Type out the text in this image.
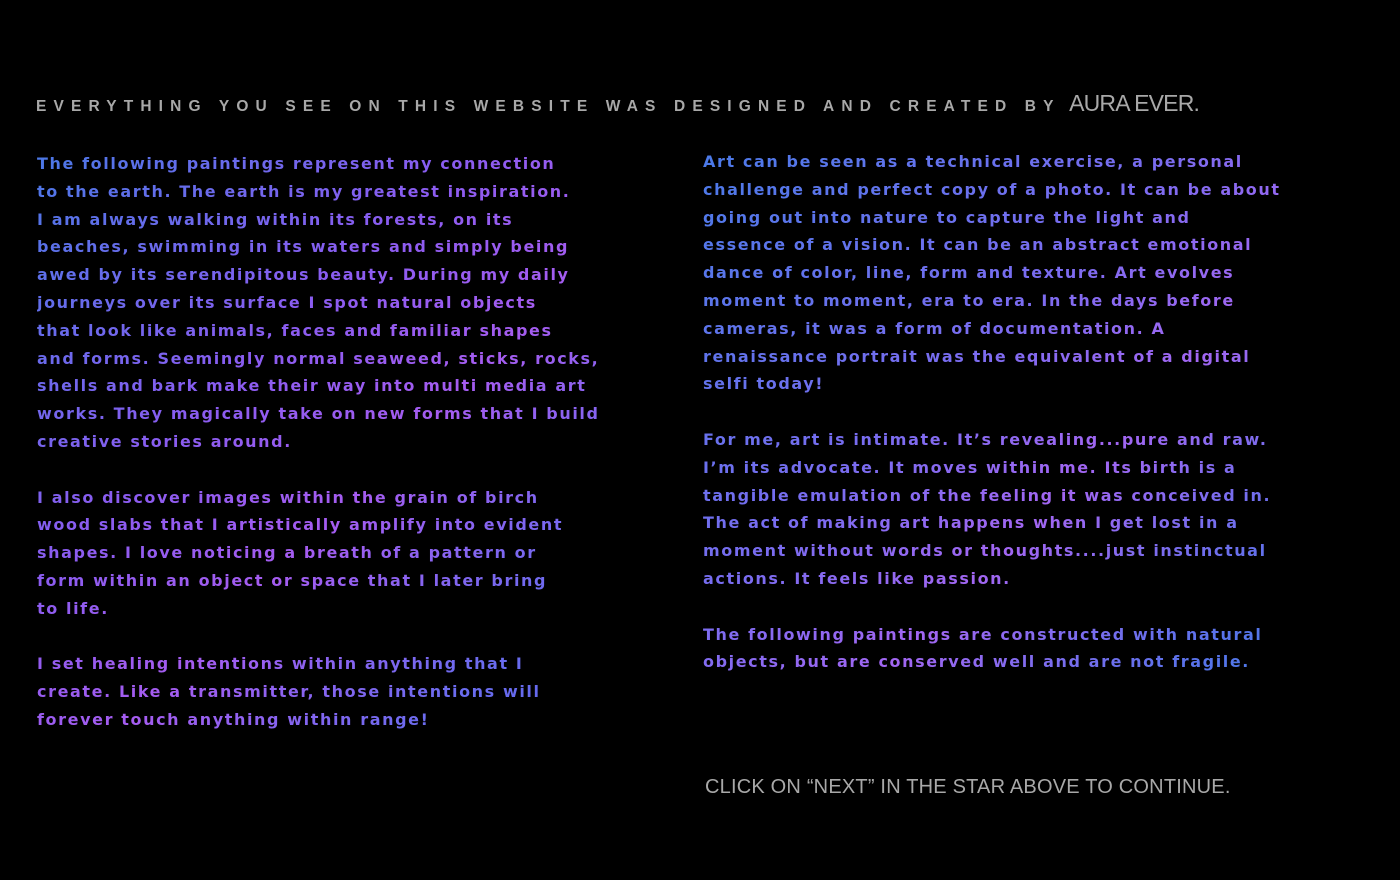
EVERYTHING YOU SEE ON THIS WEBSITE WAS DESIGNED AND CREATED BY AURA EVER.

The following paintings represent my connection
to the earth. The earth is my greatest inspiration.
I am always walking within its forests, on its
beaches, swimming in its waters and simply being
awed by its serendipitous beauty. During my daily
journeys over its surface I spot natural objects
that look like animals, faces and familiar shapes
and forms. Seemingly normal seaweed, sticks, rocks,
shells and bark make their way into multi media art
works. They magically take on new forms that I build
creative stories around.

I also discover images within the grain of birch
wood slabs that I artistically amplify into evident
shapes. I love noticing a breath of a pattern or
form within an object or space that I later bring
to life.

I set healing intentions within anything that I
create. Like a transmitter, those intentions will
forever touch anything within range!

Art can be seen as a technical exercise, a personal
challenge and perfect copy of a photo. It can be about
going out into nature to capture the light and
essence of a vision. It can be an abstract emotional
dance of color, line, form and texture. Art evolves
moment to moment, era to era. In the days before
cameras, it was a form of documentation. A
renaissance portrait was the equivalent of a digital
selfi today!

For me, art is intimate. It’s revealing...pure and raw.
I’m its advocate. It moves within me. Its birth is a
tangible emulation of the feeling it was conceived in.
The act of making art happens when I get lost in a
moment without words or thoughts....just instinctual
actions. It feels like passion.

The following paintings are constructed with natural
objects, but are conserved well and are not fragile.

CLICK ON “NEXT” IN THE STAR ABOVE TO CONTINUE.
